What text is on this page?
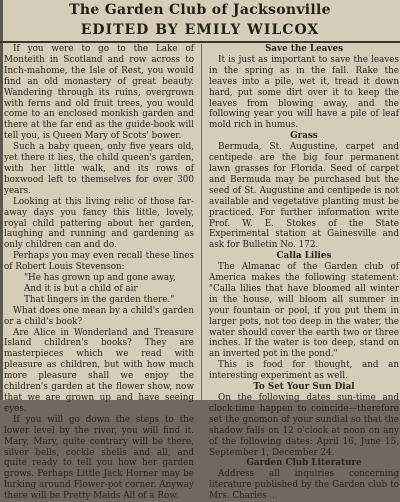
The Garden Club of Jacksonville
EDITED BY EMILY WILCOX

If you were to go to the Lake of Monteith in Scotland and row across to Inch-mahome, the Isle of Rest, you would find an old monastery of great beauty. Wandering through its ruins, overgrown with ferns and old fruit trees, you would come to an enclosed monkish garden and there at the far end as the guide-book will tell you, is Queen Mary of Scots' bower.

Such a baby queen, only five years old, yet there it lies, the child queen's garden, with her little walk, and its rows of boxwood left to themselves for over 300 years.

Looking at this living relic of those far-away days you fancy this little, lovely, royal child pattering about her garden, laughing and running and gardening as only children can and do.

Perhaps you may even recall these lines of Robert Louis Stevenson:

"He has grown up and gone away,

And it is but a child of air

That lingers in the garden there."

What does one mean by a child's garden or a child's book?

Are Alice in Wonderland and Treasure Island children's books? They are masterpieces which we read with pleasure as children, but with how much more pleasure shall we enjoy the children's garden at the flower show, now that we are grown up and have seeing eyes.

If you will go down the steps to the lower level by the river, you will find it. Mary, Mary, quite contrary will be there, silver bells, cockle shells and all, and quite ready to tell you how her garden grows. Perhaps Little Jack Horner may be lurking around Flower-pot corner. Anyway there will be Pretty Maids All of a Row.

Save the Leaves

It is just as important to save the leaves in the spring as in the fall. Rake the leaves into a pile, wet it, tread it down hard, put some dirt over it to keep the leaves from blowing away, and the following year you will have a pile of leaf mold rich in humus.

Grass

Bermuda, St. Augustine, carpet and centipede are the big four permanent lawn grasses for Florida. Seed of carpet and Bermuda may be purchased but the seed of St. Augustine and centipede is not available and vegetative planting must be practiced. For further information write Prof. W. E. Stokes of the State Experimental station at Gainesville and ask for Bulletin No. 172.

Calla Lilies

The Almanac of the Garden club of America makes the following statement: "Calla lilies that have bloomed all winter in the house, will bloom all summer in your fountain or pool, if you put them in larger pots, not too deep in the water, the water should cover the earth two or three inches. If the water is too deep, stand on an inverted pot in the pond."

This is food for thought, and an interesting experiment as well.

To Set Your Sun Dial

On the following dates sun-time and clock-time happen to coincide—therefore set the gnomon of your sundial so that the shadow falls on 12 o'clock at noon on any of the following dates: April 16, June 15, September 1, December 24.

Garden Club Literature

Address all inquiries concerning literature published by the Garden club to Mrs. Charles ...
